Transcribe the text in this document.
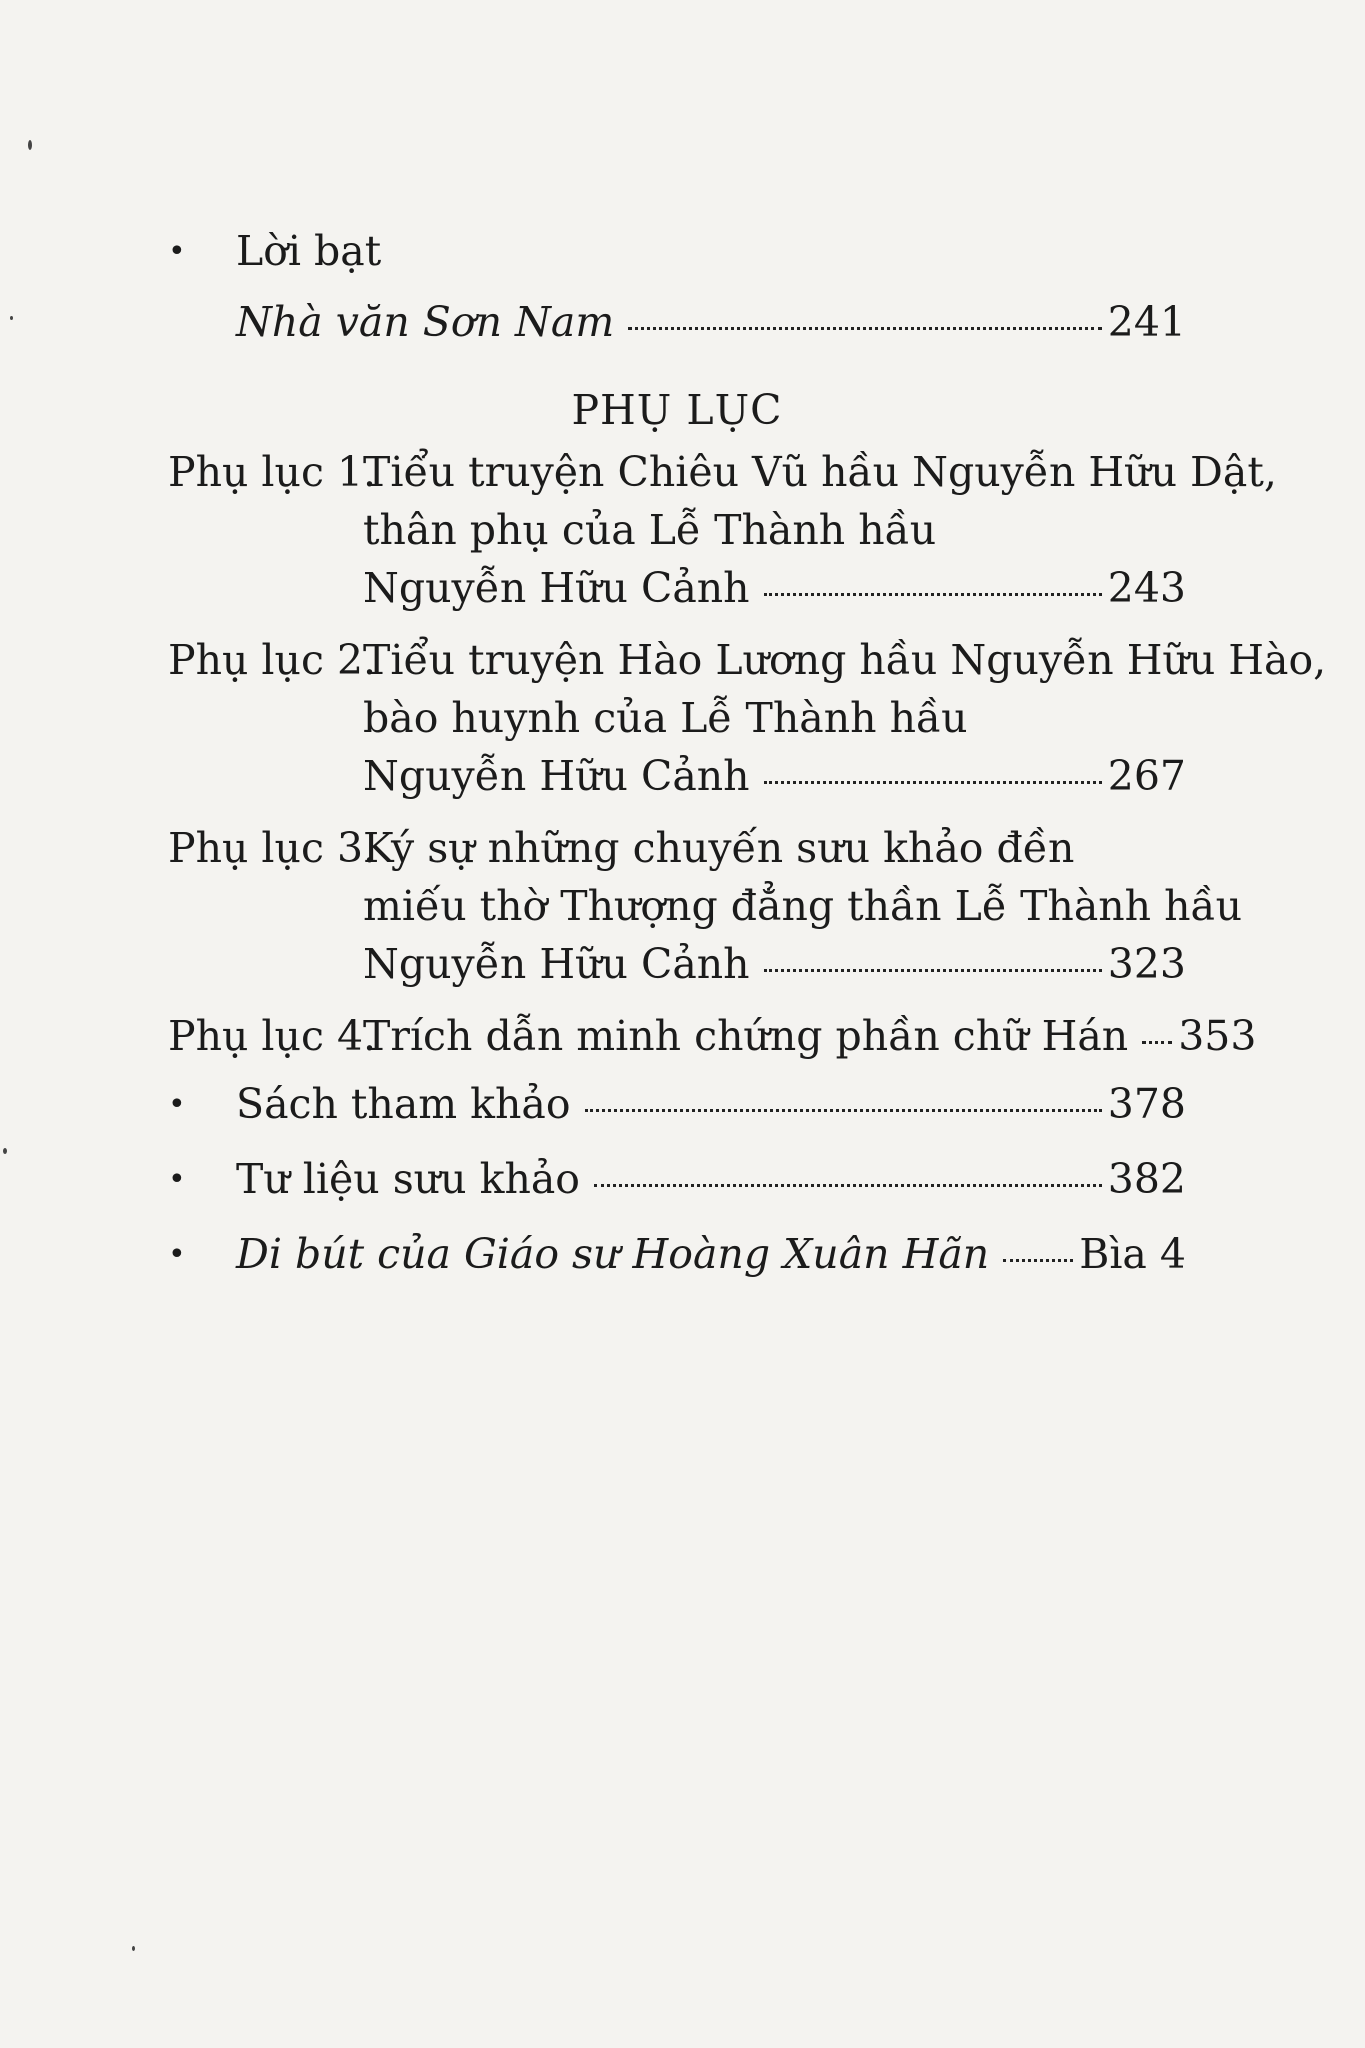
•	Lời bạt
Nhà văn Sơn Nam	241
PHỤ LỤC
Phụ lục 1.
Tiểu truyện Chiêu Vũ hầu Nguyễn Hữu Dật,
thân phụ của Lễ Thành hầu
Nguyễn Hữu Cảnh	243
Phụ lục 2.
Tiểu truyện Hào Lương hầu Nguyễn Hữu Hào,
bào huynh của Lễ Thành hầu
Nguyễn Hữu Cảnh	267
Phụ lục 3.
Ký sự những chuyến sưu khảo đền
miếu thờ Thượng đẳng thần Lễ Thành hầu
Nguyễn Hữu Cảnh	323
Phụ lục 4.
Trích dẫn minh chứng phần chữ Hán 353
•	Sách tham khảo	378
•	Tư liệu sưu khảo	382
•	Di bút của Giáo sư Hoàng Xuân Hãn Bìa 4
